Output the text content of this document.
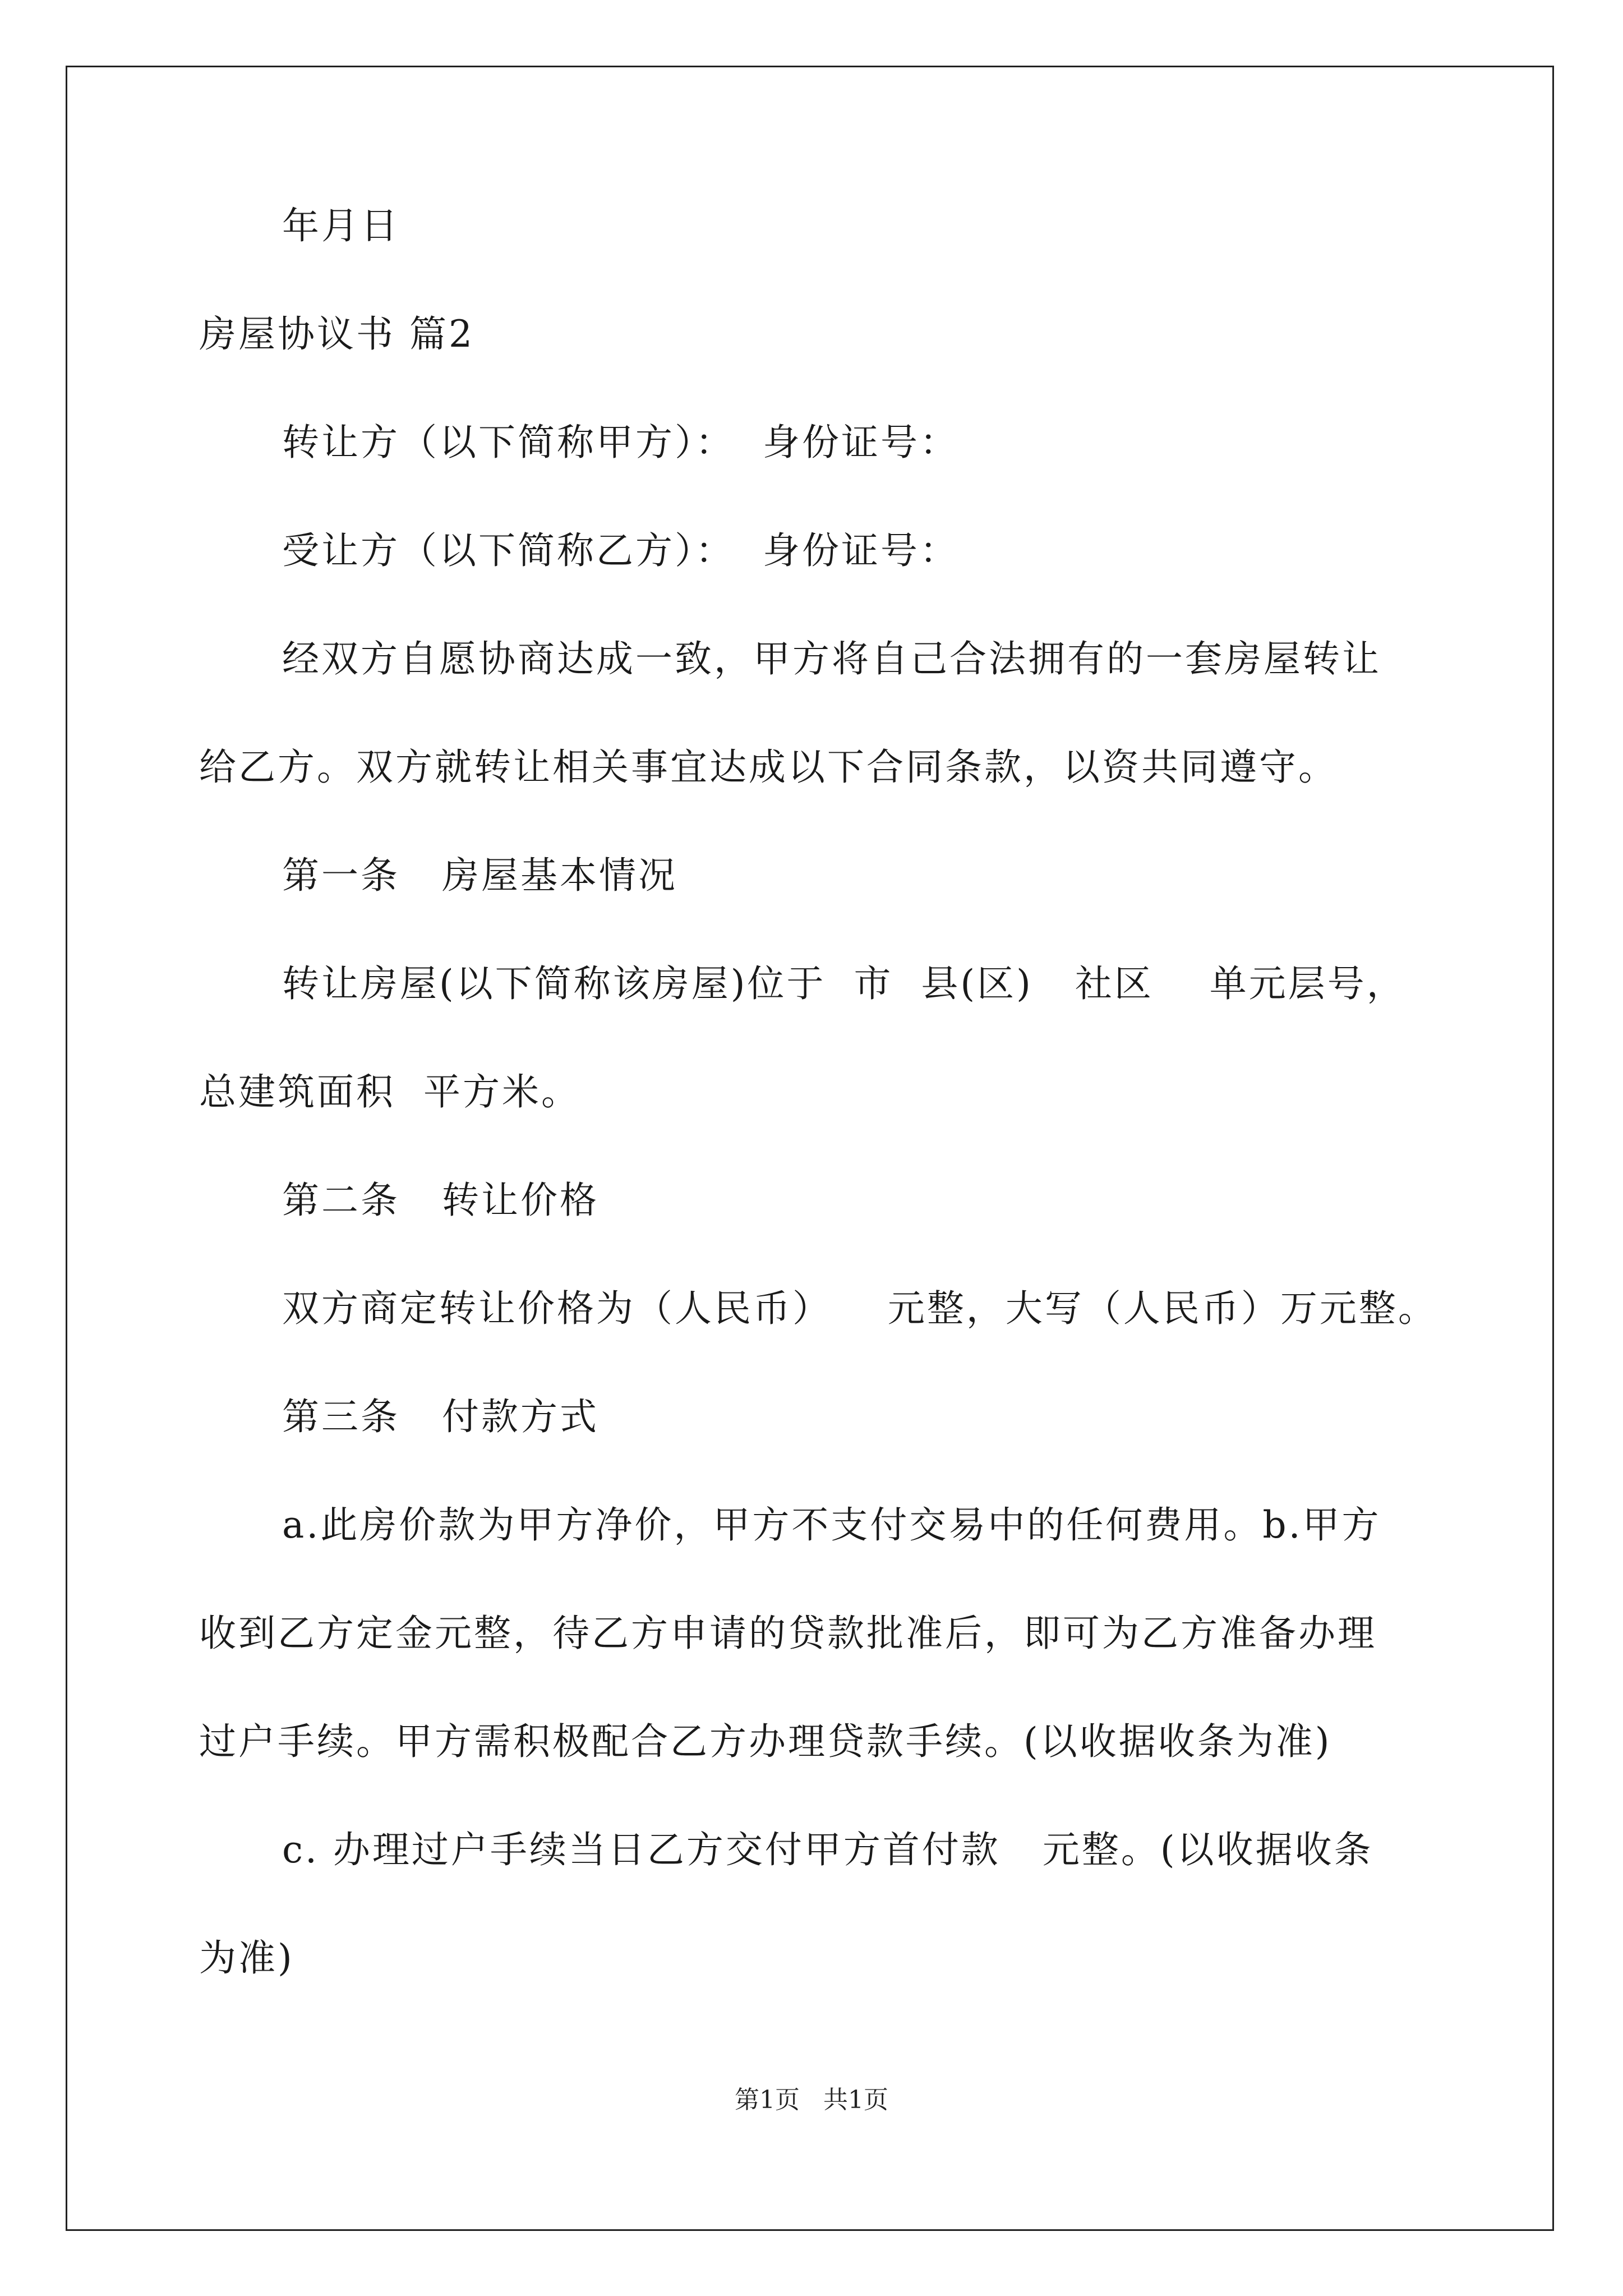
年月日
房屋协议书 篇2
转让方（以下简称甲方）：  身份证号：
受让方（以下简称乙方）：  身份证号：
经双方自愿协商达成一致，甲方将自己合法拥有的一套房屋转让
给乙方。双方就转让相关事宜达成以下合同条款，以资共同遵守。
第一条   房屋基本情况
转让房屋(以下简称该房屋)位于  市  县(区)   社区    单元层号，
总建筑面积  平方米。
第二条   转让价格
双方商定转让价格为（人民币）    元整，大写（人民币）万元整。
第三条   付款方式
a.此房价款为甲方净价，甲方不支付交易中的任何费用。b.甲方
收到乙方定金元整，待乙方申请的贷款批准后，即可为乙方准备办理
过户手续。甲方需积极配合乙方办理贷款手续。(以收据收条为准)
c. 办理过户手续当日乙方交付甲方首付款   元整。(以收据收条
为准)
第1页   共1页
